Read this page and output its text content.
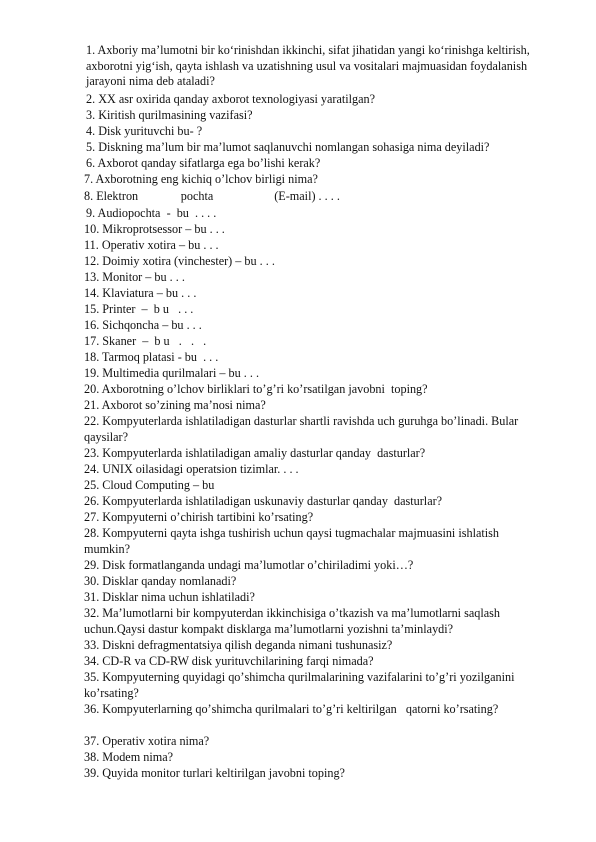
1. Axboriy maʼlumotni bir koʻrinishdan ikkinchi, sifat jihatidan yangi koʻrinishga keltirish, axborotni yigʻish, qayta ishlash va uzatishning usul va vositalari majmuasidan foydalanish jarayoni nima deb ataladi?
2. XX asr oxirida qanday axborot texnologiyasi yaratilgan?
3. Kiritish qurilmasining vazifasi?
4. Disk yurituvchi bu- ?
5. Diskning maʼlum bir maʼlumot saqlanuvchi nomlangan sohasiga nima deyiladi?
6. Axborot qanday sifatlarga ega boʼlishi kerak?
7. Axborotning eng kichiq oʼlchov birligi nima?
8. Elektron              pochta                    (E-mail) . . . .
9. Audiopochta  -  bu  . . . .
10. Mikroprotsessor – bu . . .
11. Operativ xotira – bu . . .
12. Doimiy xotira (vinchester) – bu . . .
13. Monitor – bu . . .
14. Klaviatura – bu . . .
15. Printer  –  b u   . . .
16. Sichqoncha – bu . . .
17. Skaner  –  b u   .   .   .
18. Tarmoq platasi - bu  . . .
19. Multimedia qurilmalari – bu . . .
20. Axborotning oʼlchov birliklari toʼgʼri koʼrsatilgan javobni  toping?
21. Axborot soʼzining maʼnosi nima?
22. Kompyuterlarda ishlatiladigan dasturlar shartli ravishda uch guruhga boʼlinadi. Bular qaysilar?
23. Kompyuterlarda ishlatiladigan amaliy dasturlar qanday  dasturlar?
24. UNIX oilasidagi operatsion tizimlar. . . .
25. Cloud Computing – bu
26. Kompyuterlarda ishlatiladigan uskunaviy dasturlar qanday  dasturlar?
27. Kompyuterni oʼchirish tartibini koʼrsating?
28. Kompyuterni qayta ishga tushirish uchun qaysi tugmachalar majmuasini ishlatish mumkin?
29. Disk formatlanganda undagi maʼlumotlar oʼchiriladimi yoki…?
30. Disklar qanday nomlanadi?
31. Disklar nima uchun ishlatiladi?
32. Maʼlumotlarni bir kompyuterdan ikkinchisiga oʼtkazish va maʼlumotlarni saqlash uchun.Qaysi dastur kompakt disklarga maʼlumotlarni yozishni taʼminlaydi?
33. Diskni defragmentatsiya qilish deganda nimani tushunasiz?
34. CD-R va CD-RW disk yurituvchilarining farqi nimada?
35. Kompyuterning quyidagi qoʼshimcha qurilmalarining vazifalarini toʼgʼri yozilganini koʼrsating?
36. Kompyuterlarning qoʼshimcha qurilmalari toʼgʼri keltirilgan   qatorni koʼrsating?
37. Operativ xotira nima?
38. Modem nima?
39. Quyida monitor turlari keltirilgan javobni toping?
